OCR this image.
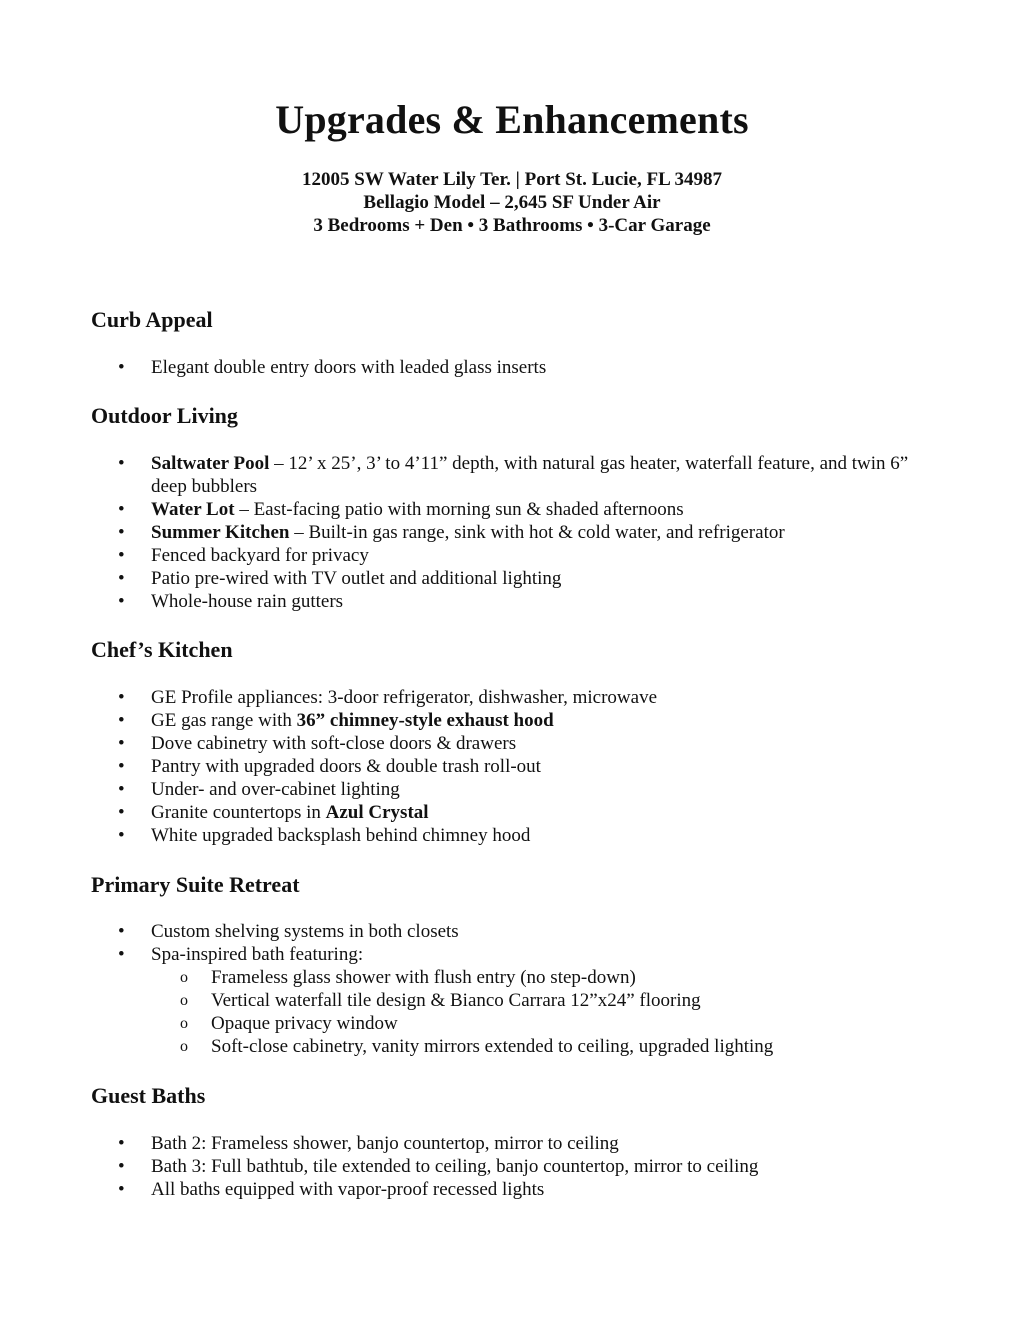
Upgrades & Enhancements
12005 SW Water Lily Ter. | Port St. Lucie, FL 34987
Bellagio Model – 2,645 SF Under Air
3 Bedrooms + Den • 3 Bathrooms • 3-Car Garage
Curb Appeal
• Elegant double entry doors with leaded glass inserts
Outdoor Living
• Saltwater Pool – 12’ x 25’, 3’ to 4’11” depth, with natural gas heater, waterfall feature, and twin 6” deep bubblers
• Water Lot – East-facing patio with morning sun & shaded afternoons
• Summer Kitchen – Built-in gas range, sink with hot & cold water, and refrigerator
• Fenced backyard for privacy
• Patio pre-wired with TV outlet and additional lighting
• Whole-house rain gutters
Chef’s Kitchen
• GE Profile appliances: 3-door refrigerator, dishwasher, microwave
• GE gas range with 36” chimney-style exhaust hood
• Dove cabinetry with soft-close doors & drawers
• Pantry with upgraded doors & double trash roll-out
• Under- and over-cabinet lighting
• Granite countertops in Azul Crystal
• White upgraded backsplash behind chimney hood
Primary Suite Retreat
• Custom shelving systems in both closets
• Spa-inspired bath featuring:
o Frameless glass shower with flush entry (no step-down)
o Vertical waterfall tile design & Bianco Carrara 12”x24” flooring
o Opaque privacy window
o Soft-close cabinetry, vanity mirrors extended to ceiling, upgraded lighting
Guest Baths
• Bath 2: Frameless shower, banjo countertop, mirror to ceiling
• Bath 3: Full bathtub, tile extended to ceiling, banjo countertop, mirror to ceiling
• All baths equipped with vapor-proof recessed lights
